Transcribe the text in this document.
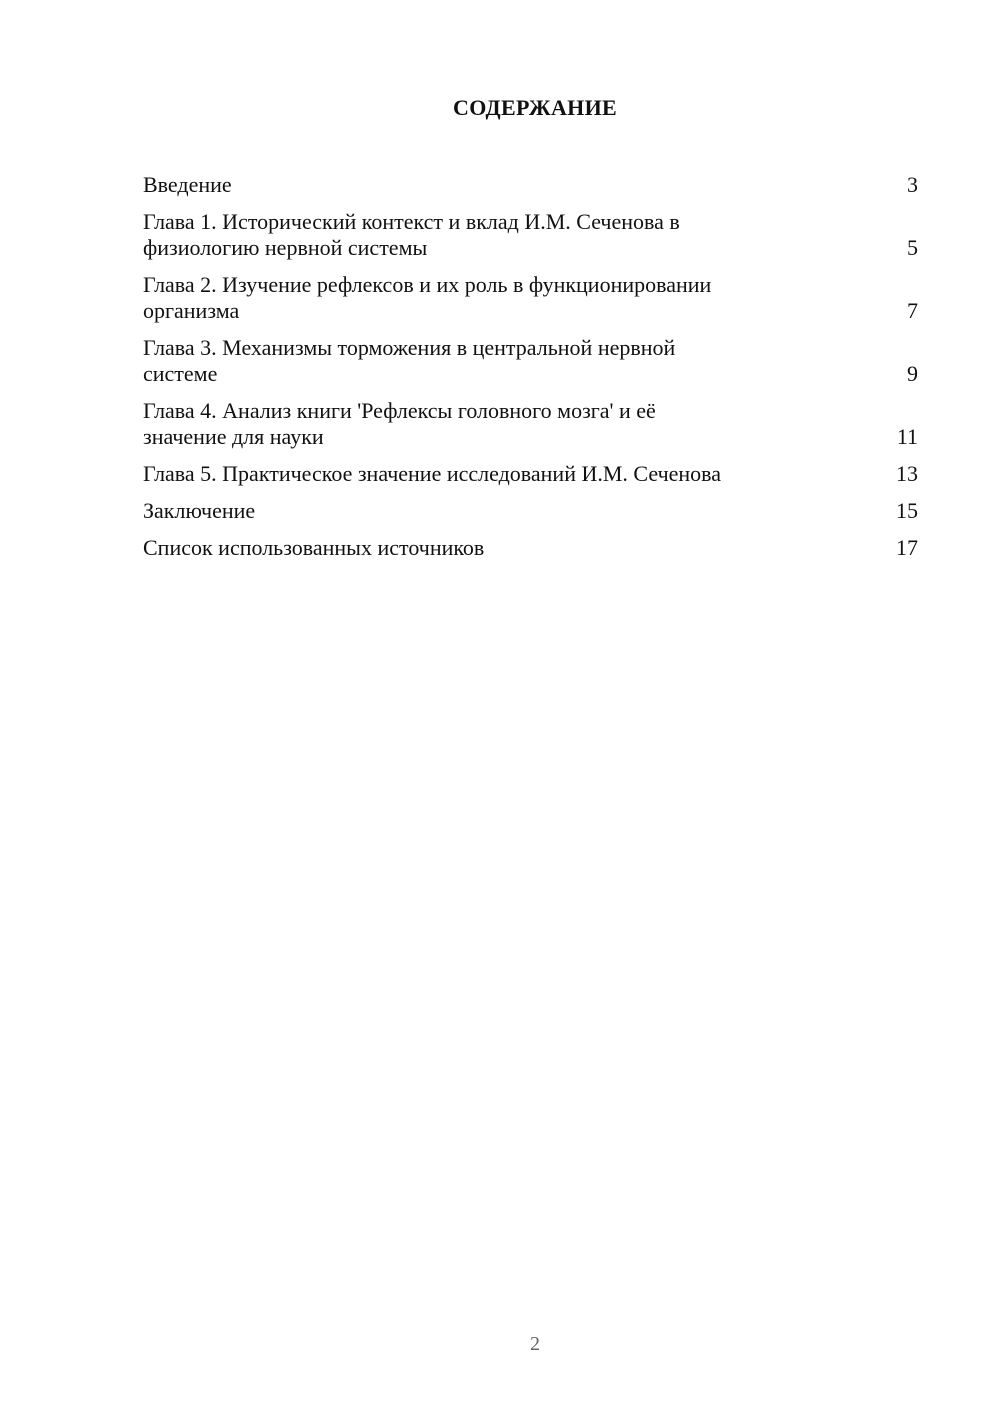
СОДЕРЖАНИЕ
Введение	3
Глава 1. Исторический контекст и вклад И.М. Сеченова в
физиологию нервной системы	5
Глава 2. Изучение рефлексов и их роль в функционировании
организма	7
Глава 3. Механизмы торможения в центральной нервной
системе	9
Глава 4. Анализ книги 'Рефлексы головного мозга' и её
значение для науки	11
Глава 5. Практическое значение исследований И.М. Сеченова	13
Заключение	15
Список использованных источников	17
2
